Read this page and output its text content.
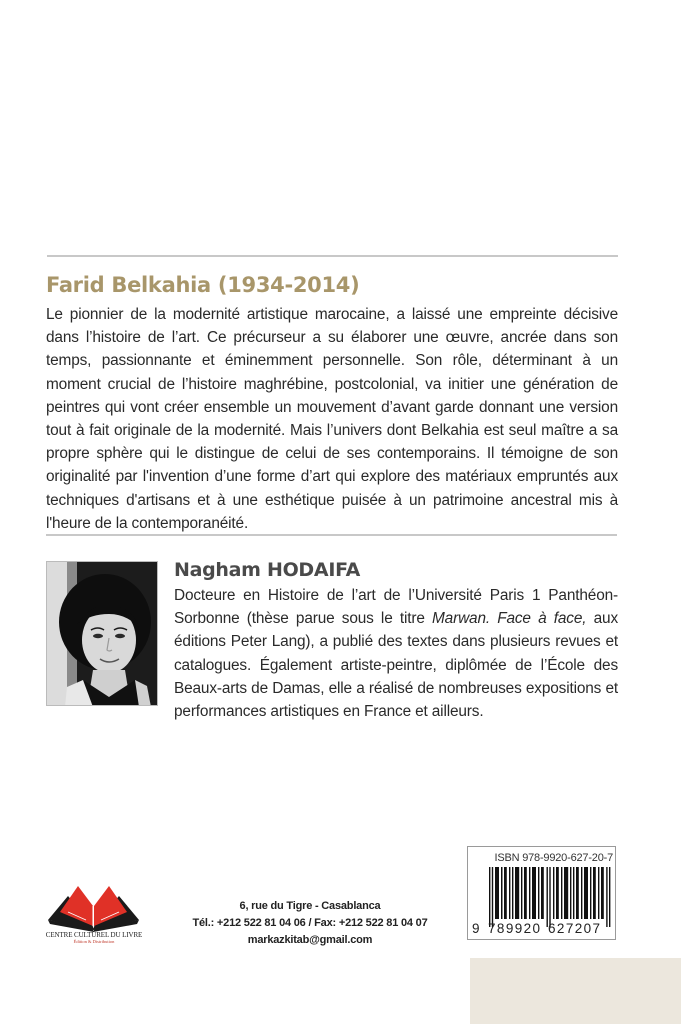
Farid Belkahia (1934-2014)

Le pionnier de la modernité artistique marocaine, a laissé une empreinte décisive dans l’histoire de l’art. Ce précurseur a su élaborer une œuvre, ancrée dans son temps, passionnante et éminemment personnelle. Son rôle, déterminant à un moment crucial de l’histoire maghrébine, postcolonial, va initier une génération de peintres qui vont créer ensemble un mouvement d’avant garde donnant une version tout à fait originale de la modernité. Mais l’univers dont Belkahia est seul maître a sa propre sphère qui le distingue de celui de ses contemporains. Il témoigne de son originalité par l'invention d’une forme d’art qui explore des matériaux empruntés aux techniques d'artisans et à une esthétique puisée à un patrimoine ancestral mis à l'heure de la contemporanéité.

Nagham HODAIFA

Docteure en Histoire de l’art de l’Université Paris 1 Panthéon-Sorbonne (thèse parue sous le titre Marwan. Face à face, aux éditions Peter Lang), a publié des textes dans plusieurs revues et catalogues. Également artiste-peintre, diplômée de l’École des Beaux-arts de Damas, elle a réalisé de nombreuses expositions et performances artistiques en France et ailleurs.

CENTRE CULTUREL DU LIVRE
Édition & Distribution
6, rue du Tigre - Casablanca
Tél.: +212 522 81 04 06 / Fax: +212 522 81 04 07
markazkitab@gmail.com
ISBN 978-9920-627-20-7
9 789920 627207
